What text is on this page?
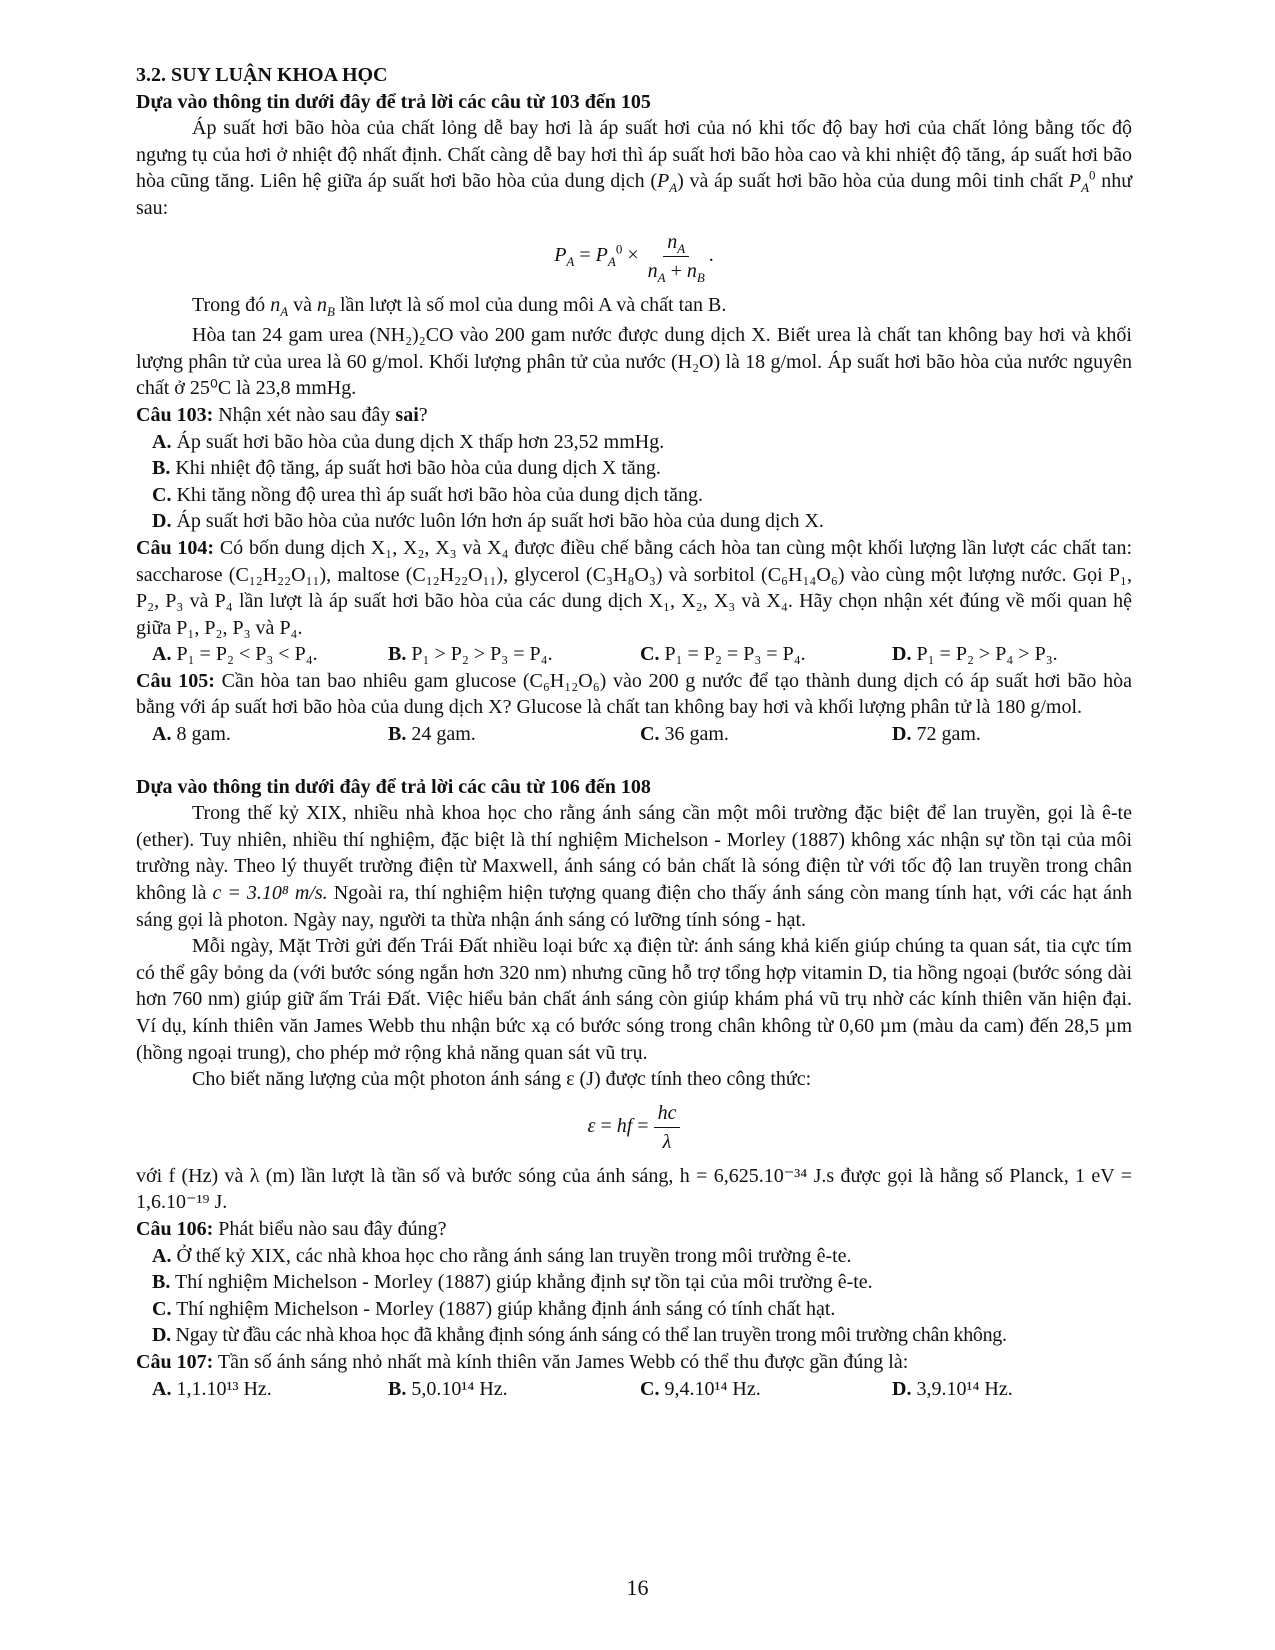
3.2. SUY LUẬN KHOA HỌC

Dựa vào thông tin dưới đây để trả lời các câu từ 103 đến 105

Áp suất hơi bão hòa của chất lỏng dễ bay hơi là áp suất hơi của nó khi tốc độ bay hơi của chất lỏng bằng tốc độ ngưng tụ của hơi ở nhiệt độ nhất định. Chất càng dễ bay hơi thì áp suất hơi bão hòa cao và khi nhiệt độ tăng, áp suất hơi bão hòa cũng tăng. Liên hệ giữa áp suất hơi bão hòa của dung dịch $(P_A)$ và áp suất hơi bão hòa của dung môi tinh chất $P_A^0$ như sau:

$P_A = P_A^0 \times \frac{n_A}{n_A + n_B}$ .

Trong đó $n_A$ và $n_B$ lần lượt là số mol của dung môi A và chất tan B.

Hòa tan 24 gam urea (NH₂)₂CO vào 200 gam nước được dung dịch X. Biết urea là chất tan không bay hơi và khối lượng phân tử của urea là 60 g/mol. Khối lượng phân tử của nước (H₂O) là 18 g/mol. Áp suất hơi bão hòa của nước nguyên chất ở 25⁰C là 23,8 mmHg.

Câu 103: Nhận xét nào sau đây sai?

A. Áp suất hơi bão hòa của dung dịch X thấp hơn 23,52 mmHg.

B. Khi nhiệt độ tăng, áp suất hơi bão hòa của dung dịch X tăng.

C. Khi tăng nồng độ urea thì áp suất hơi bão hòa của dung dịch tăng.

D. Áp suất hơi bão hòa của nước luôn lớn hơn áp suất hơi bão hòa của dung dịch X.

Câu 104: Có bốn dung dịch X₁, X₂, X₃ và X₄ được điều chế bằng cách hòa tan cùng một khối lượng lần lượt các chất tan: saccharose (C₁₂H₂₂O₁₁), maltose (C₁₂H₂₂O₁₁), glycerol (C₃H₈O₃) và sorbitol (C₆H₁₄O₆) vào cùng một lượng nước. Gọi P₁, P₂, P₃ và P₄ lần lượt là áp suất hơi bão hòa của các dung dịch X₁, X₂, X₃ và X₄. Hãy chọn nhận xét đúng về mối quan hệ giữa P₁, P₂, P₃ và P₄.

A. P₁ = P₂ < P₃ < P₄.	B. P₁ > P₂ > P₃ = P₄.	C. P₁ = P₂ = P₃ = P₄.	D. P₁ = P₂ > P₄ > P₃.

Câu 105: Cần hòa tan bao nhiêu gam glucose (C₆H₁₂O₆) vào 200 g nước để tạo thành dung dịch có áp suất hơi bão hòa bằng với áp suất hơi bão hòa của dung dịch X? Glucose là chất tan không bay hơi và khối lượng phân tử là 180 g/mol.

A. 8 gam.	B. 24 gam.	C. 36 gam.	D. 72 gam.

Dựa vào thông tin dưới đây để trả lời các câu từ 106 đến 108

Trong thế kỷ XIX, nhiều nhà khoa học cho rằng ánh sáng cần một môi trường đặc biệt để lan truyền, gọi là ê-te (ether). Tuy nhiên, nhiều thí nghiệm, đặc biệt là thí nghiệm Michelson - Morley (1887) không xác nhận sự tồn tại của môi trường này. Theo lý thuyết trường điện từ Maxwell, ánh sáng có bản chất là sóng điện từ với tốc độ lan truyền trong chân không là c = 3.10⁸ m/s. Ngoài ra, thí nghiệm hiện tượng quang điện cho thấy ánh sáng còn mang tính hạt, với các hạt ánh sáng gọi là photon. Ngày nay, người ta thừa nhận ánh sáng có lưỡng tính sóng - hạt.

Mỗi ngày, Mặt Trời gửi đến Trái Đất nhiều loại bức xạ điện từ: ánh sáng khả kiến giúp chúng ta quan sát, tia cực tím có thể gây bỏng da (với bước sóng ngắn hơn 320 nm) nhưng cũng hỗ trợ tổng hợp vitamin D, tia hồng ngoại (bước sóng dài hơn 760 nm) giúp giữ ấm Trái Đất. Việc hiểu bản chất ánh sáng còn giúp khám phá vũ trụ nhờ các kính thiên văn hiện đại. Ví dụ, kính thiên văn James Webb thu nhận bức xạ có bước sóng trong chân không từ 0,60 µm (màu da cam) đến 28,5 µm (hồng ngoại trung), cho phép mở rộng khả năng quan sát vũ trụ.

Cho biết năng lượng của một photon ánh sáng ε (J) được tính theo công thức:

ε = hf = $\frac{hc}{\lambda}$

với f (Hz) và λ (m) lần lượt là tần số và bước sóng của ánh sáng, h = 6,625.10⁻³⁴ J.s được gọi là hằng số Planck, 1 eV = 1,6.10⁻¹⁹ J.

Câu 106: Phát biểu nào sau đây đúng?

A. Ở thế kỷ XIX, các nhà khoa học cho rằng ánh sáng lan truyền trong môi trường ê-te.

B. Thí nghiệm Michelson - Morley (1887) giúp khẳng định sự tồn tại của môi trường ê-te.

C. Thí nghiệm Michelson - Morley (1887) giúp khẳng định ánh sáng có tính chất hạt.

D. Ngay từ đầu các nhà khoa học đã khẳng định sóng ánh sáng có thể lan truyền trong môi trường chân không.

Câu 107: Tần số ánh sáng nhỏ nhất mà kính thiên văn James Webb có thể thu được gần đúng là:

A. 1,1.10¹³ Hz.	B. 5,0.10¹⁴ Hz.	C. 9,4.10¹⁴ Hz.	D. 3,9.10¹⁴ Hz.
16
